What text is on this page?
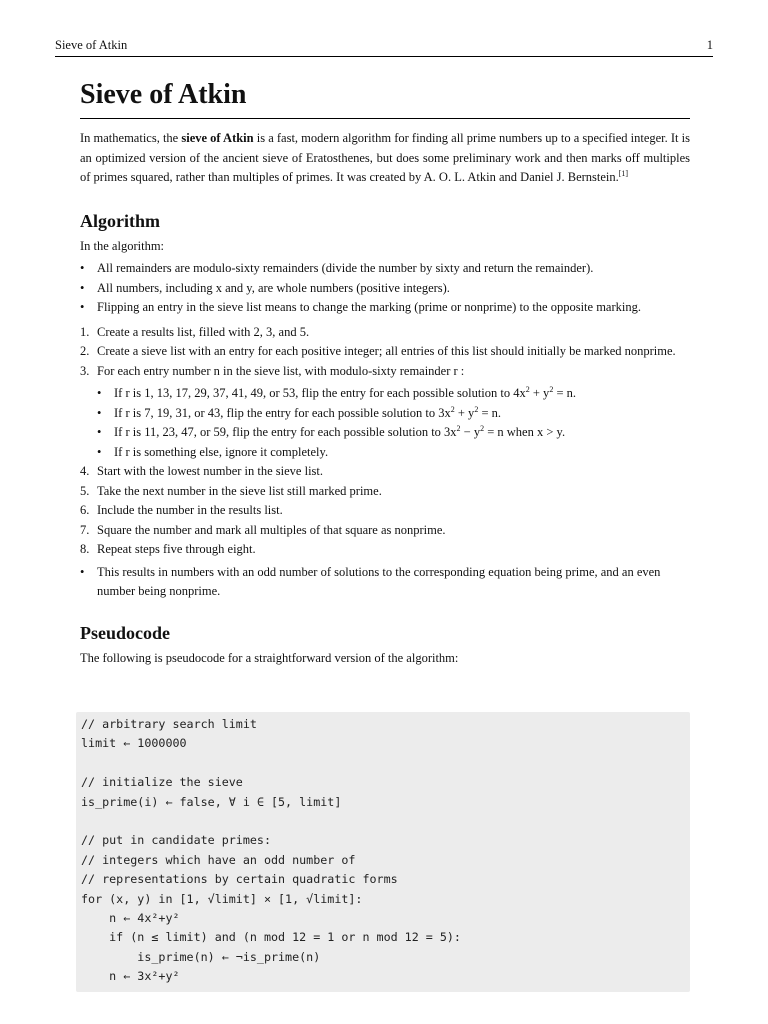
Sieve of Atkin	1
Sieve of Atkin

In mathematics, the sieve of Atkin is a fast, modern algorithm for finding all prime numbers up to a specified integer. It is an optimized version of the ancient sieve of Eratosthenes, but does some preliminary work and then marks off multiples of primes squared, rather than multiples of primes. It was created by A. O. L. Atkin and Daniel J. Bernstein.[1]

Algorithm

In the algorithm:

• All remainders are modulo-sixty remainders (divide the number by sixty and return the remainder).
• All numbers, including x and y, are whole numbers (positive integers).
• Flipping an entry in the sieve list means to change the marking (prime or nonprime) to the opposite marking.
1. Create a results list, filled with 2, 3, and 5.
2. Create a sieve list with an entry for each positive integer; all entries of this list should initially be marked nonprime.
3. For each entry number n in the sieve list, with modulo-sixty remainder r :
• If r is 1, 13, 17, 29, 37, 41, 49, or 53, flip the entry for each possible solution to $4x^2 + y^2 = n$.
• If r is 7, 19, 31, or 43, flip the entry for each possible solution to $3x^2 + y^2 = n$.
• If r is 11, 23, 47, or 59, flip the entry for each possible solution to $3x^2 - y^2 = n$ when x > y.
• If r is something else, ignore it completely.
4. Start with the lowest number in the sieve list.
5. Take the next number in the sieve list still marked prime.
6. Include the number in the results list.
7. Square the number and mark all multiples of that square as nonprime.
8. Repeat steps five through eight.
• This results in numbers with an odd number of solutions to the corresponding equation being prime, and an even number being nonprime.
Pseudocode

The following is pseudocode for a straightforward version of the algorithm:

// arbitrary search limit
limit ← 1000000
// initialize the sieve
is_prime(i) ← false, ∀ i ∈ [5, limit]
// put in candidate primes:
// integers which have an odd number of
// representations by certain quadratic forms
for (x, y) in [1, √limit] × [1, √limit]:
n ← 4x²+y²
if (n ≤ limit) and (n mod 12 = 1 or n mod 12 = 5):
is_prime(n) ← ¬is_prime(n)
n ← 3x²+y²
